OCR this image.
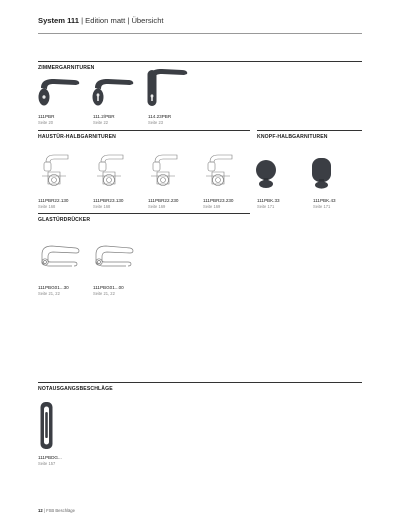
System 111 | Edition matt | Übersicht
ZIMMERGARNITUREN
111PBR
Seite 20
111.2/PBR
Seite 22
114.23PBR
Seite 23
HAUSTÜR-HALBGARNITUREN	KNOPF-HALBGARNITUREN
111PBR22.130
Seite 168
111PBR23.130
Seite 168
111PBR22.230
Seite 169
111PBR23.230
Seite 169
111PBK.33
Seite 171
111PBK.43
Seite 171
GLASTÜRDRÜCKER
111PBG01...30
Seite 21, 22
111PBG01...00
Seite 21, 22
NOTAUSGANGSBESCHLÄGE
111PBDG...
Seite 157
12 | FSB Beschläge
